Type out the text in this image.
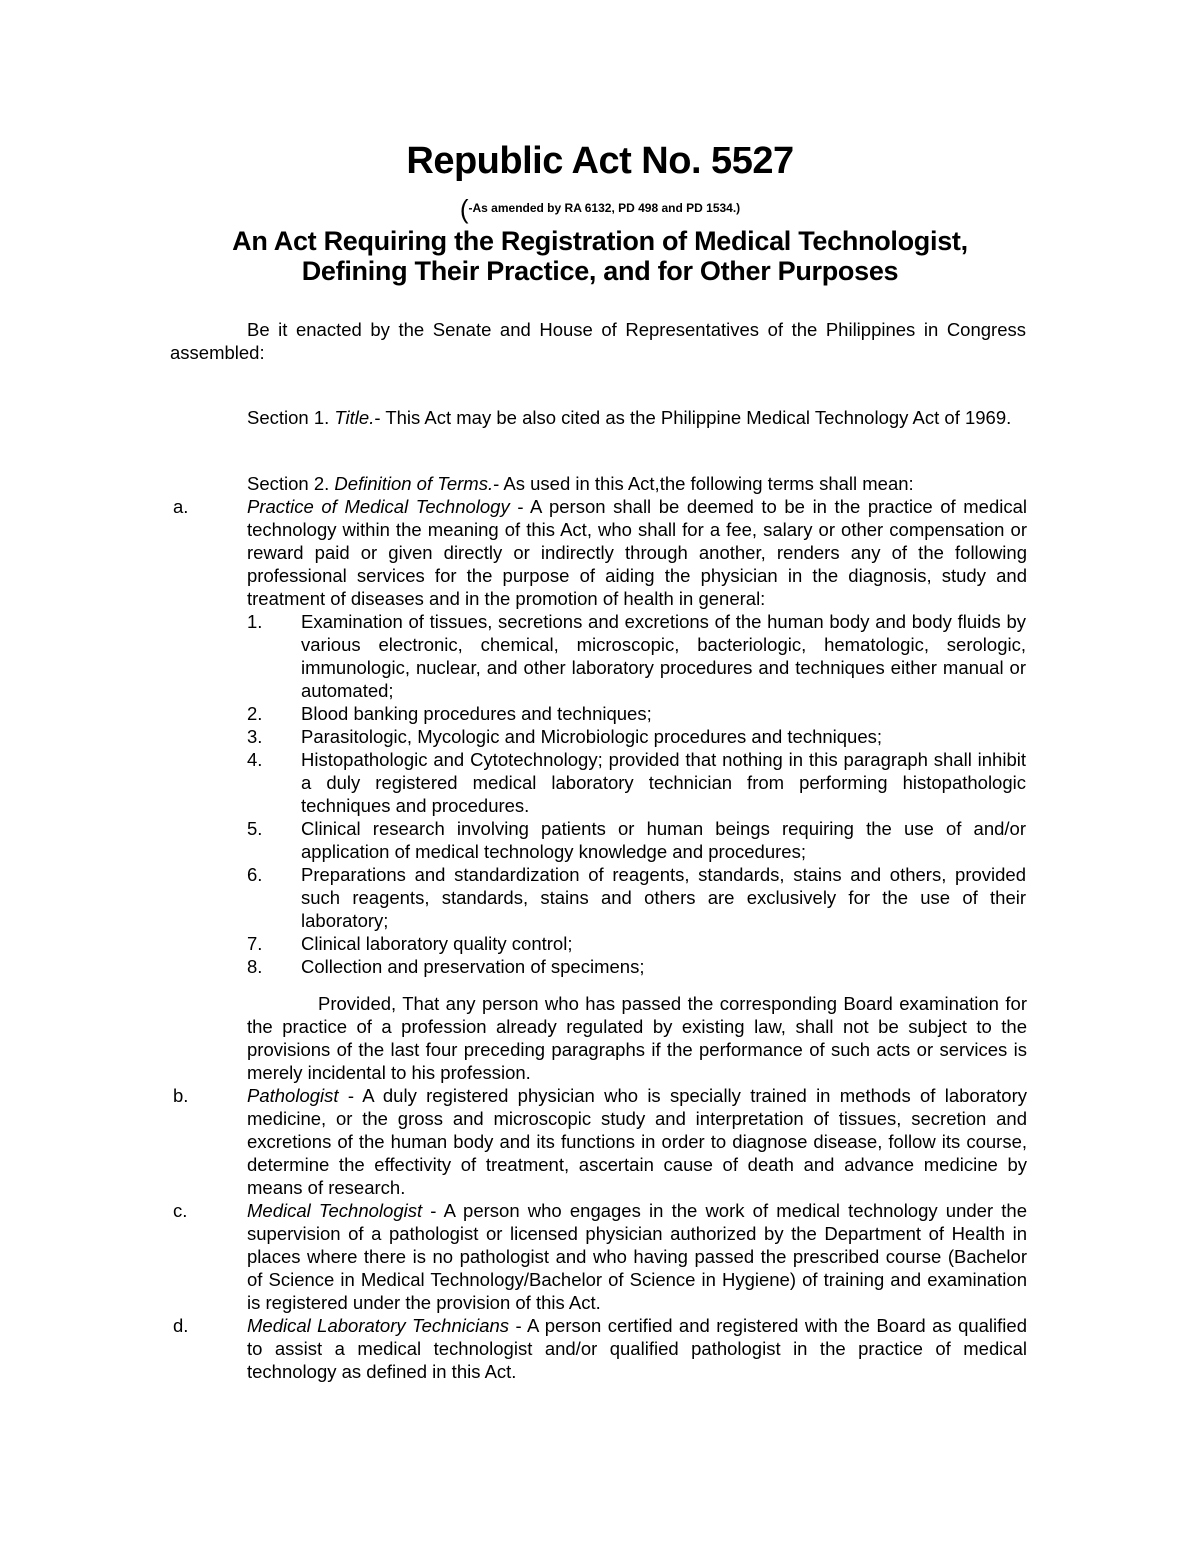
Republic Act No. 5527
(-As amended by RA 6132, PD 498 and PD 1534.)
An Act Requiring the Registration of Medical Technologist,
Defining Their Practice, and for Other Purposes
Be it enacted by the Senate and House of Representatives of the Philippines in Congress assembled:
Section 1. Title.- This Act may be also cited as the Philippine Medical Technology Act of 1969.
Section 2. Definition of Terms.- As used in this Act,the following terms shall mean:
a.	Practice of Medical Technology - A person shall be deemed to be in the practice of medical technology within the meaning of this Act, who shall for a fee, salary or other compensation or reward paid or given directly or indirectly through another, renders any of the following professional services for the purpose of aiding the physician in the diagnosis, study and treatment of diseases and in the promotion of health in general:
1. Examination of tissues, secretions and excretions of the human body and body fluids by various electronic, chemical, microscopic, bacteriologic, hematologic, serologic, immunologic, nuclear, and other laboratory procedures and techniques either manual or automated;
2. Blood banking procedures and techniques;
3. Parasitologic, Mycologic and Microbiologic procedures and techniques;
4. Histopathologic and Cytotechnology; provided that nothing in this paragraph shall inhibit a duly registered medical laboratory technician from performing histopathologic techniques and procedures.
5. Clinical research involving patients or human beings requiring the use of and/or application of medical technology knowledge and procedures;
6. Preparations and standardization of reagents, standards, stains and others, provided such reagents, standards, stains and others are exclusively for the use of their laboratory;
7. Clinical laboratory quality control;
8. Collection and preservation of specimens;
Provided, That any person who has passed the corresponding Board examination for the practice of a profession already regulated by existing law, shall not be subject to the provisions of the last four preceding paragraphs if the performance of such acts or services is merely incidental to his profession.
b.	Pathologist - A duly registered physician who is specially trained in methods of laboratory medicine, or the gross and microscopic study and interpretation of tissues, secretion and excretions of the human body and its functions in order to diagnose disease, follow its course, determine the effectivity of treatment, ascertain cause of death and advance medicine by means of research.
c.	Medical Technologist - A person who engages in the work of medical technology under the supervision of a pathologist or licensed physician authorized by the Department of Health in places where there is no pathologist and who having passed the prescribed course (Bachelor of Science in Medical Technology/Bachelor of Science in Hygiene) of training and examination is registered under the provision of this Act.
d.	Medical Laboratory Technicians - A person certified and registered with the Board as qualified to assist a medical technologist and/or qualified pathologist in the practice of medical technology as defined in this Act.
